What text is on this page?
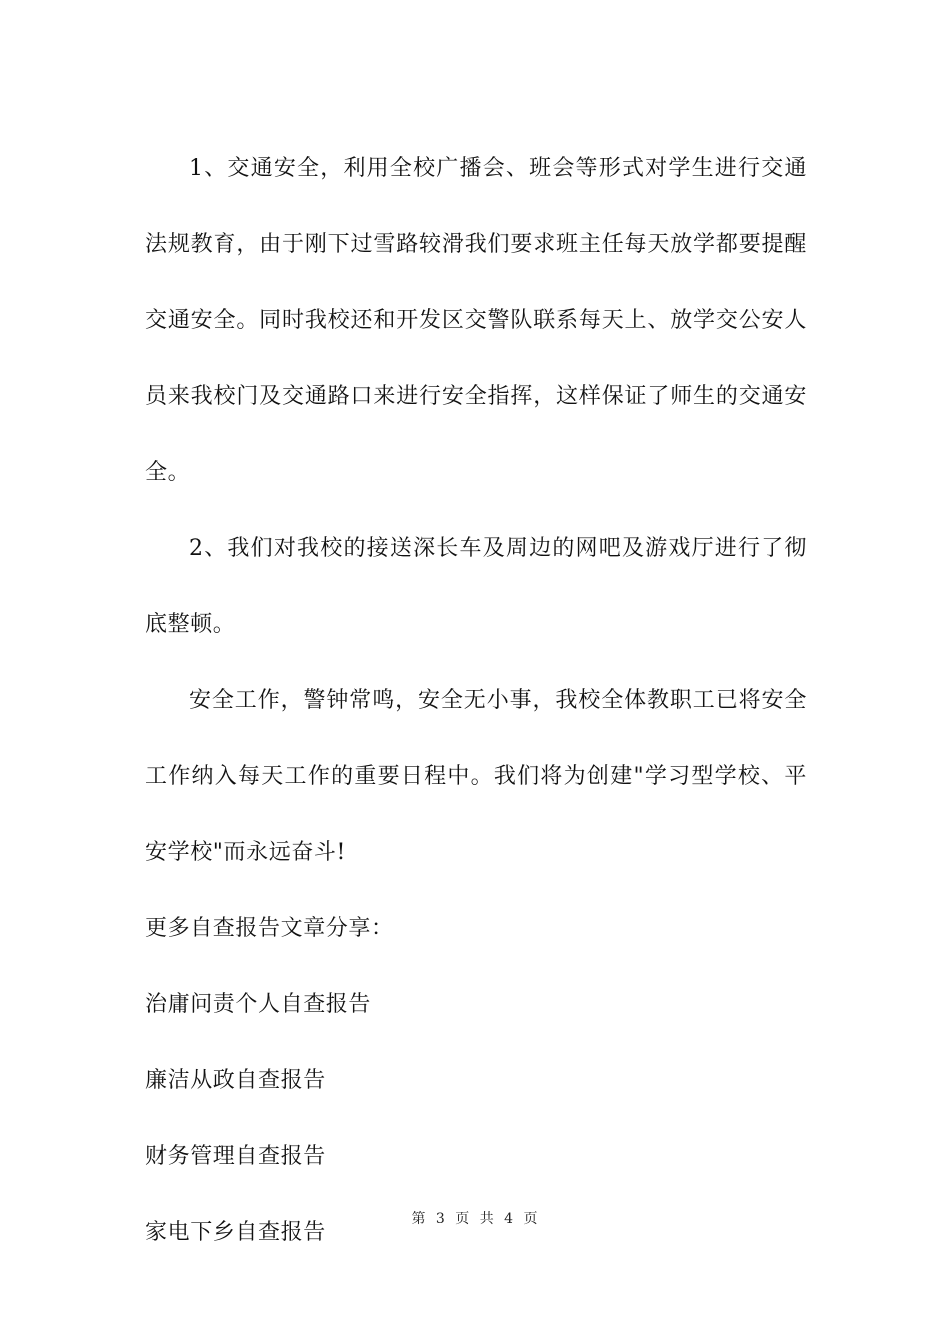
1、交通安全，利用全校广播会、班会等形式对学生进行交通法规教育，由于刚下过雪路较滑我们要求班主任每天放学都要提醒交通安全。同时我校还和开发区交警队联系每天上、放学交公安人员来我校门及交通路口来进行安全指挥，这样保证了师生的交通安全。

2、我们对我校的接送深长车及周边的网吧及游戏厅进行了彻底整顿。

安全工作，警钟常鸣，安全无小事，我校全体教职工已将安全工作纳入每天工作的重要日程中。我们将为创建"学习型学校、平安学校"而永远奋斗!

更多自查报告文章分享：

治庸问责个人自查报告
廉洁从政自查报告
财务管理自查报告
家电下乡自查报告
第 3 页 共 4 页
